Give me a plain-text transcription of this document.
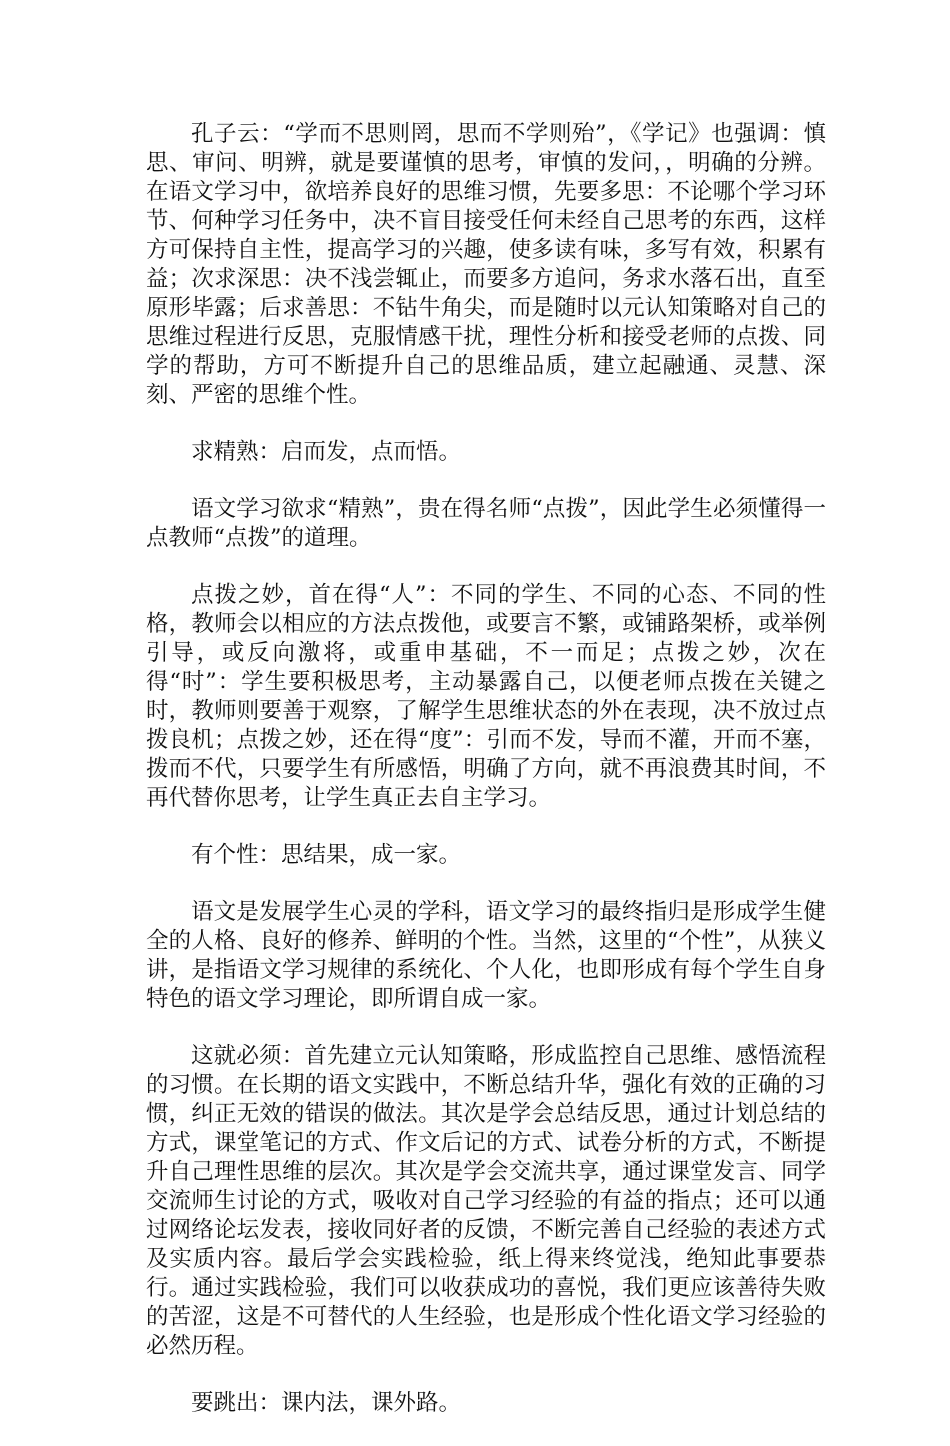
孔子云：“学而不思则罔，思而不学则殆”，《学记》也强调：慎思、审问、明辨，就是要谨慎的思考，审慎的发问，，明确的分辨。在语文学习中，欲培养良好的思维习惯，先要多思：不论哪个学习环节、何种学习任务中，决不盲目接受任何未经自己思考的东西，这样方可保持自主性，提高学习的兴趣，使多读有味，多写有效，积累有益；次求深思：决不浅尝辄止，而要多方追问，务求水落石出，直至原形毕露；后求善思：不钻牛角尖，而是随时以元认知策略对自己的思维过程进行反思，克服情感干扰，理性分析和接受老师的点拨、同学的帮助，方可不断提升自己的思维品质，建立起融通、灵慧、深刻、严密的思维个性。

求精熟：启而发，点而悟。

语文学习欲求“精熟”，贵在得名师“点拨”，因此学生必须懂得一点教师“点拨”的道理。

点拨之妙，首在得“人”：不同的学生、不同的心态、不同的性格，教师会以相应的方法点拨他，或要言不繁，或铺路架桥，或举例引导，或反向激将，或重申基础，不一而足；点拨之妙，次在得“时”：学生要积极思考，主动暴露自己，以便老师点拨在关键之时，教师则要善于观察，了解学生思维状态的外在表现，决不放过点拨良机；点拨之妙，还在得“度”：引而不发，导而不灌，开而不塞，拨而不代，只要学生有所感悟，明确了方向，就不再浪费其时间，不再代替你思考，让学生真正去自主学习。

有个性：思结果，成一家。

语文是发展学生心灵的学科，语文学习的最终指归是形成学生健全的人格、良好的修养、鲜明的个性。当然，这里的“个性”，从狭义讲，是指语文学习规律的系统化、个人化，也即形成有每个学生自身特色的语文学习理论，即所谓自成一家。

这就必须：首先建立元认知策略，形成监控自己思维、感悟流程的习惯。在长期的语文实践中，不断总结升华，强化有效的正确的习惯，纠正无效的错误的做法。其次是学会总结反思，通过计划总结的方式，课堂笔记的方式、作文后记的方式、试卷分析的方式，不断提升自己理性思维的层次。其次是学会交流共享，通过课堂发言、同学交流师生讨论的方式，吸收对自己学习经验的有益的指点；还可以通过网络论坛发表，接收同好者的反馈，不断完善自己经验的表述方式及实质内容。最后学会实践检验，纸上得来终觉浅，绝知此事要恭行。通过实践检验，我们可以收获成功的喜悦，我们更应该善待失败的苦涩，这是不可替代的人生经验，也是形成个性化语文学习经验的必然历程。

要跳出：课内法，课外路。
